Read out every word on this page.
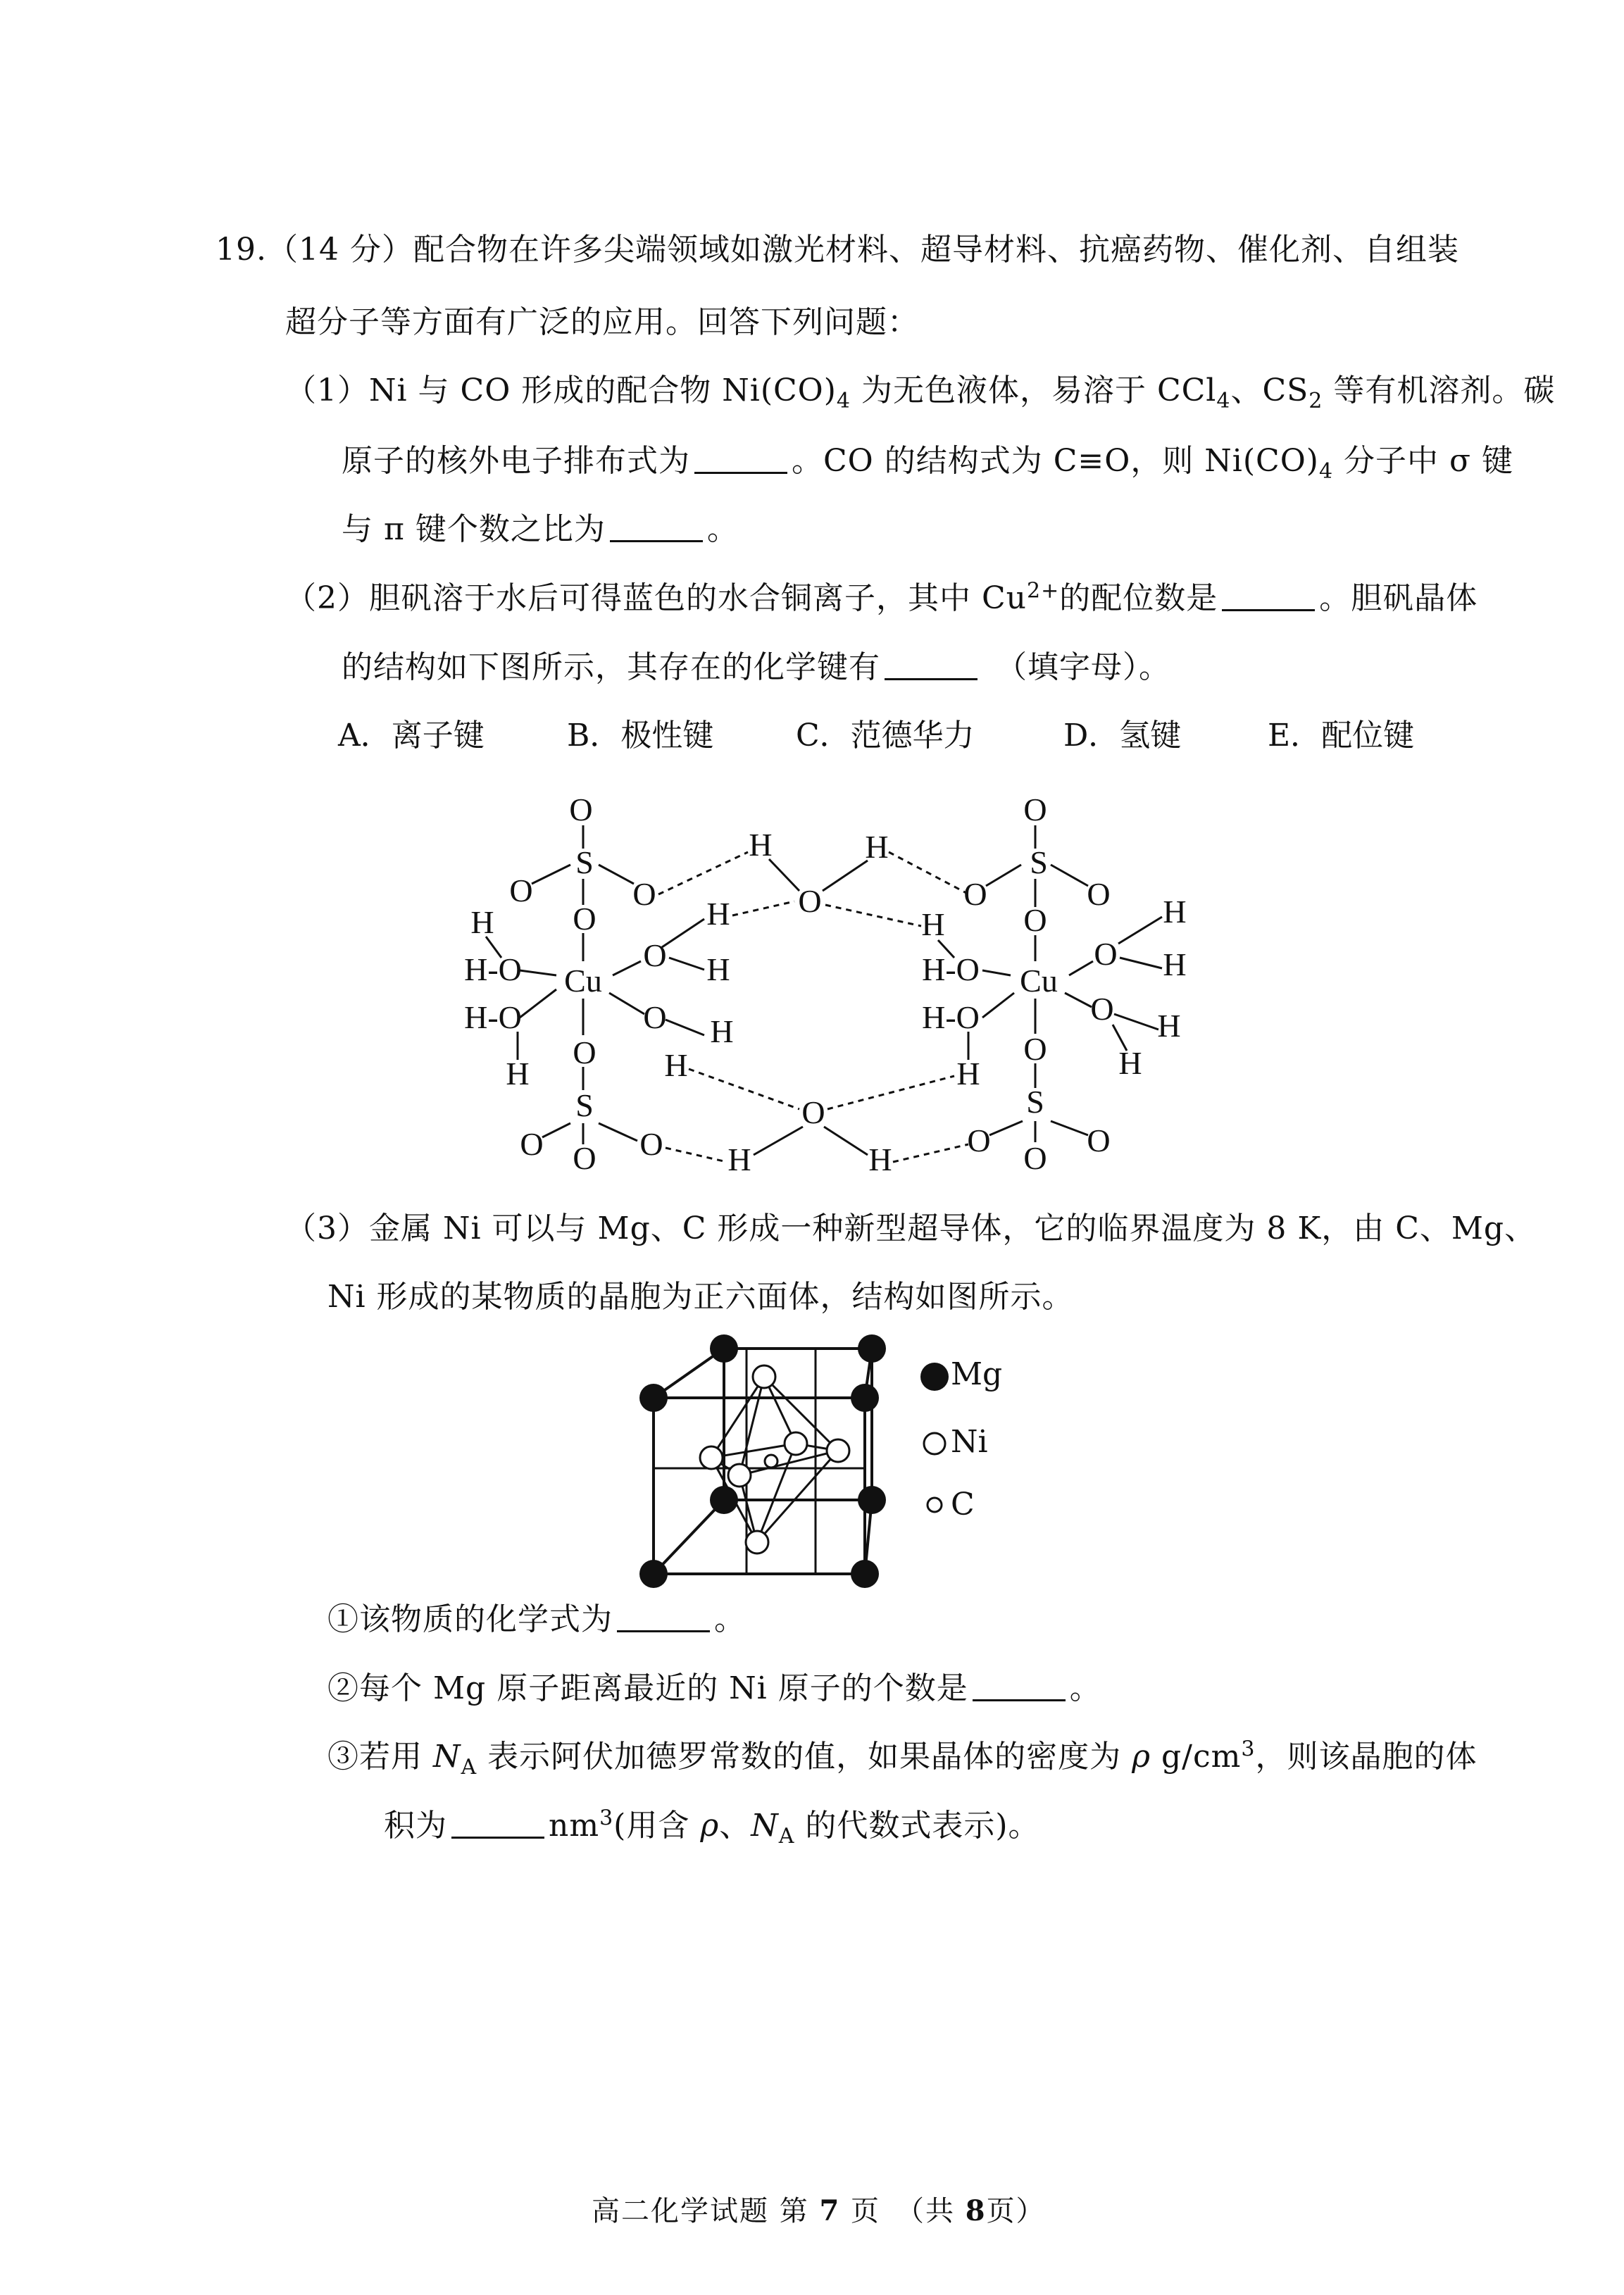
19.（14 分）配合物在许多尖端领域如激光材料、超导材料、抗癌药物、催化剂、自组装
超分子等方面有广泛的应用。回答下列问题：
（1）Ni 与 CO 形成的配合物 $Ni(CO)_4$ 为无色液体，易溶于 CCl$_4$、$CS_2$ 等有机溶剂。碳
原子的核外电子排布式为	。CO 的结构式为 C≡O，则 $Ni(CO)_4$ 分子中 σ 键
与 π 键个数之比为	。
（2）胆矾溶于水后可得蓝色的水合铜离子，其中 $Cu^{2+}$的配位数是	。胆矾晶体
的结构如下图所示，其存在的化学键有	（填字母）。
A．离子键	B．极性键	C．范德华力	D．氢键	E．配位键
O
S
O	O
O
H
H-O Cu
O H
H
H-O
H
O H
H
O
S
O O O
H	H
O
O
H	H
O
S
O	O
O
H
H-O Cu
O
H
H
H-O
H
O H
H
O
S
O O O
（3）金属 Ni 可以与 Mg、C 形成一种新型超导体，它的临界温度为 8 K，由 C、Mg、
Ni 形成的某物质的晶胞为正六面体，结构如图所示。
Mg
Ni
C
①该物质的化学式为	。
②每个 Mg 原子距离最近的 Ni 原子的个数是	。
③若用 $N_A$ 表示阿伏加德罗常数的值，如果晶体的密度为 ρ $g/cm^3$，则该晶胞的体
积为	$nm^3$(用含 ρ、$N_A$ 的代数式表示)。
高二化学试题 第 7 页　（共 8页）
